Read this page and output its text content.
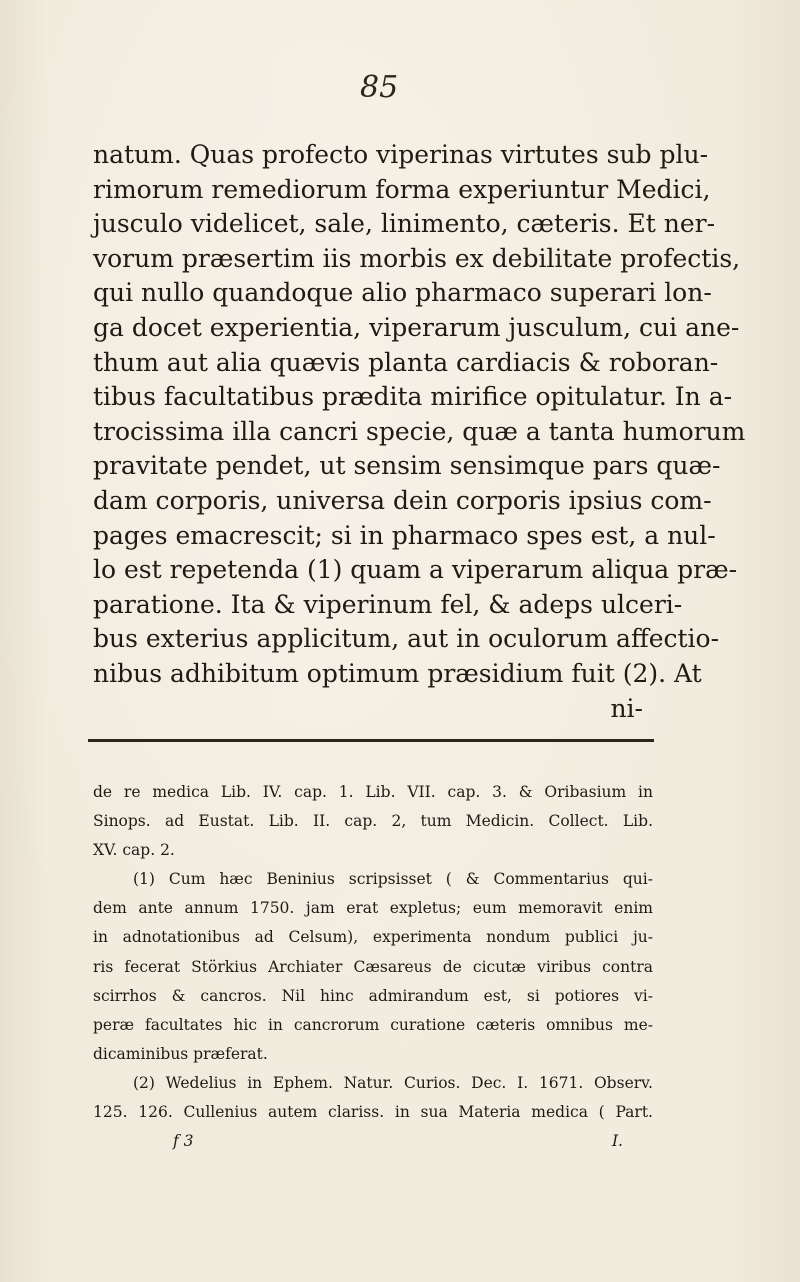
85
natum. Quas profecto viperinas virtutes sub plu-
rimorum remediorum forma experiuntur Medici,
jusculo videlicet, sale, linimento, cæteris. Et ner-
vorum præsertim iis morbis ex debilitate profectis,
qui nullo quandoque alio pharmaco superari lon-
ga docet experientia, viperarum jusculum, cui ane-
thum aut alia quævis planta cardiacis & roboran-
tibus facultatibus prædita mirifice opitulatur. In a-
trocissima illa cancri specie, quæ a tanta humorum
pravitate pendet, ut sensim sensimque pars quæ-
dam corporis, universa dein corporis ipsius com-
pages emacrescit; si in pharmaco spes est, a nul-
lo est repetenda (1) quam a viperarum aliqua præ-
paratione. Ita & viperinum fel, & adeps ulceri-
bus exterius applicitum, aut in oculorum affectio-
nibus adhibitum optimum præsidium fuit (2). At
ni-
de re medica Lib. IV. cap. 1. Lib. VII. cap. 3. & Oribasium in
Sinops. ad Eustat. Lib. II. cap. 2, tum Medicin. Collect. Lib.
XV. cap. 2.
(1) Cum hæc Beninius scripsisset ( & Commentarius qui-
dem ante annum 1750. jam erat expletus; eum memoravit enim
in adnotationibus ad Celsum), experimenta nondum publici ju-
ris fecerat Störkius Archiater Cæsareus de cicutæ viribus contra
scirrhos & cancros. Nil hinc admirandum est, si potiores vi-
peræ facultates hic in cancrorum curatione cæteris omnibus me-
dicaminibus præferat.
(2) Wedelius in Ephem. Natur. Curios. Dec. I. 1671. Observ.
125. 126. Cullenius autem clariss. in sua Materia medica ( Part.
f 3	I.
